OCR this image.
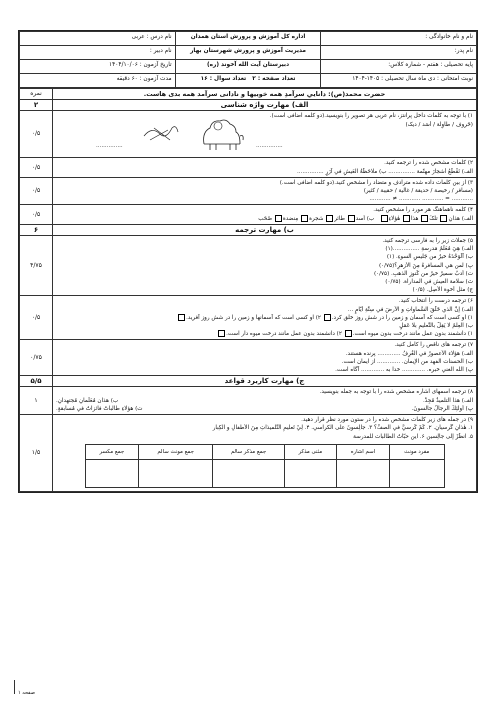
نام و نام خانوادگی :	اداره کل آموزش و پرورش استان همدان	نام درس : عربی
نام پدر:	مدیریت آموزش و پرورش شهرستان بهار	نام دبیر :
پایه تحصیلی : هفتم - شماره کلاس:	دبیرستان آیت الله آخوند (ره)	تاریخ آزمون : ۱۴۰۴/۱۰/۰۶
نوبت امتحانی : دی ماه سال تحصیلی : ۱۴۰۵-۱۴۰۴	تعداد صفحه : ۲   تعداد سوال : ۱۶	مدت آزمون : ۶۰ دقیقه
حضرت محمد(ص): داناییِ سرآمدِ همه خوبیها و نادانی سرآمد همه بدی هاست.	نمره
الف) مهارت واژه شناسی	۲

۱) با توجه به کلمات داخل پرانتز، نام عربی هر تصویر را بنویسید.(دو کلمه اضافی است).

(خَروف / طاوِلة / أسَد / دیک)

...............

...............

	۰/۵

۲) کلمات مشخص شده را ترجمه کنید.

الف) نَقْطُعُ أَشجارَ مهتّمة ............... ب) ملاحَظَةُ العَيشِ في آرَرٍ ...............

	۰/۵

۳) از بین کلمات داده شده مترادف و متضاد را مشخص کنید.(دو کلمه اضافی است.)

(مسافر / رخیصة / حدیقة / غالیة / حقیبة / کثیر)

............ = ............ ............ ≠ ............

	۰/۵

۴) کلمه ناهماهنگ هر مورد را مشخص کنید.

الف) هذانِ تلکَ هذا هٰؤلاءِ   ب) أسد طائر شجرة مِنضدة صُحَب

	۰/۵
ب) مهارت ترجمه	۶

۵) جملات زیر را به فارسی ترجمه کنید.

الف) هِيَ مُعَلِّمٌ مَدرسةِ ...............(۱)

ب) اَلْوَحْدَةُ خيرٌ من جَليسِ السوءِ. (۱)

پ) لمن هي المسافرةُ مِنَ الأزهرِ؟(۰/۷۵)

ت) أدبٌ سمیرٌ خیرٌ من كُنوزِ الذهبِ. (۰/۷۵)

ث) سلامة العيش في المداراة. (۰/۷۵)

ج) مثل أخوة الأصِل. (۰/۵)

	۴/۷۵

۶) ترجمه درست را انتخاب کنید.

الف) إنَّ الذي خَلَقَ السَّماواتِ و الأرضَ في سِتَّةِ أيّامٍ ...

۱) او کسی است که آسمان و زمین را در شش روز خلق کرد. ۲) او کسی است که آسمانها و زمین را در شش روز آفرید.

ب) العِلمُ لا يَقِلُّ بالتَّعليمِ بلا عَمَلٍ

۱) دانشمند بدون عمل مانند درخت بدون میوه است. ۲) دانشمند بدون عمل مانند درخت میوه دار است.

	۰/۵

۷) ترجمه های ناقص را کامل کنید.

الف) هؤلاء الأعصورُ في الغُرِفُ ............. پرنده هستند.

ب) الحسنات الفهد من الإيمان. ............. از ایمان است.

پ) الله الغني خبره. ............. خدا به ............. آگاه است.

	۰/۷۵
ج) مهارت کاربرد قواعد	۵/۵

۸) ترجمه اسمهای اشاره مشخص شده را با توجه به جمله بنویسید.

الف) هذا التلميذُ مُجِدٌّ.
ب) هذان مُعَلِّمانِ مُجتهدانِ.

پ) أولئِكَ الرجالُ جالسونَ.
ت) هؤلاءِ طالباتٌ فائزاتٌ في مُسابقةٍ.

	۱

۹) در جمله های زیر کلمات مشخص شده را در ستون مورد نظر قرار دهید.

۱. هٰذانِ گُرسیانِ. ۲. كَمْ كُرسيَّ في الصفِّ؟ ۳. جالِسونَ على الكراسي. ۴. لِيْ تَعليمِ التَّلميذاتِ مِنَ الأطفالِ و الكِبار

۵. انظُرْ إلى جالِسين ۶. اين حبّاتُ الطالبات للمدرسة

مفرد مونث	اسم اشاره	مثنی مذکر	جمع مذکر سالم	جمع مونث سالم	جمع مکسر

	۱/۵
صفحه ۱
